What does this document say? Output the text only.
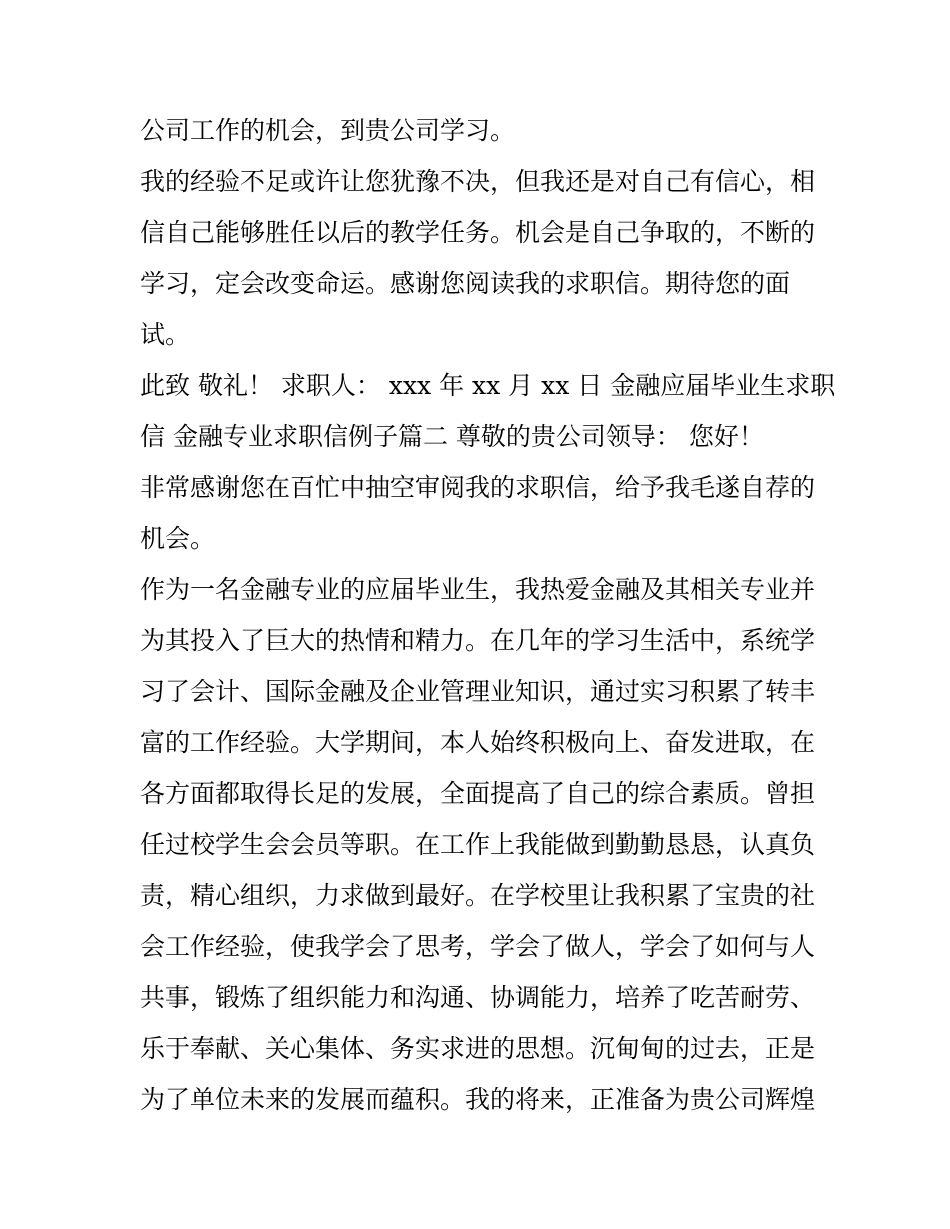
公司工作的机会，到贵公司学习。

我的经验不足或许让您犹豫不决，但我还是对自己有信心，相

信自己能够胜任以后的教学任务。机会是自己争取的，不断的

学习，定会改变命运。感谢您阅读我的求职信。期待您的面

试。

此致 敬礼！ 求职人： xxx 年 xx 月 xx 日 金融应届毕业生求职

信 金融专业求职信例子篇二 尊敬的贵公司领导： 您好！

非常感谢您在百忙中抽空审阅我的求职信，给予我毛遂自荐的

机会。

作为一名金融专业的应届毕业生，我热爱金融及其相关专业并

为其投入了巨大的热情和精力。在几年的学习生活中，系统学

习了会计、国际金融及企业管理业知识，通过实习积累了转丰

富的工作经验。大学期间，本人始终积极向上、奋发进取，在

各方面都取得长足的发展，全面提高了自己的综合素质。曾担

任过校学生会会员等职。在工作上我能做到勤勤恳恳，认真负

责，精心组织，力求做到最好。在学校里让我积累了宝贵的社

会工作经验，使我学会了思考，学会了做人，学会了如何与人

共事，锻炼了组织能力和沟通、协调能力，培养了吃苦耐劳、

乐于奉献、关心集体、务实求进的思想。沉甸甸的过去，正是

为了单位未来的发展而蕴积。我的将来，正准备为贵公司辉煌
